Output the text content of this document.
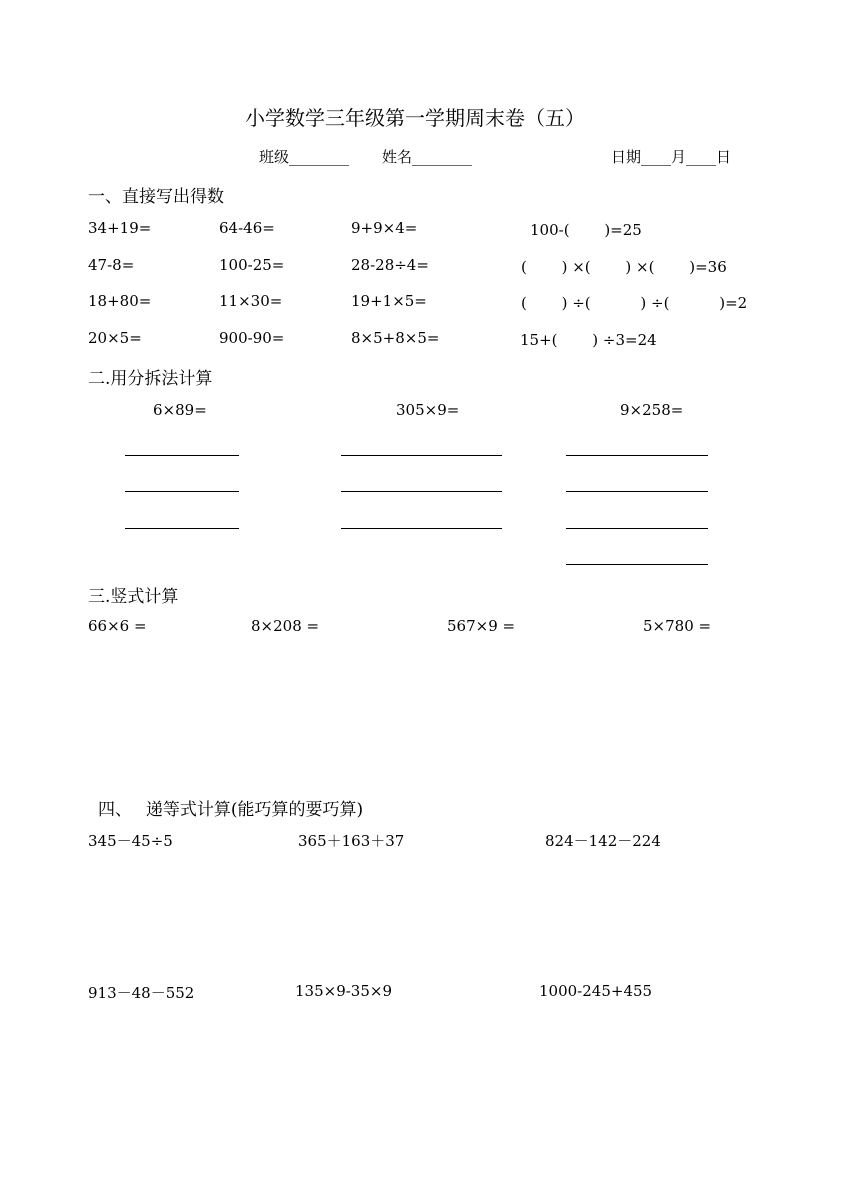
小学数学三年级第一学期周末卷（五）
班级________ 姓名________	日期____月____日
一、直接写出得数
34+19=	64-46=	9+9×4=	100-(　 　)=25
47-8=	100-25=	28-28÷4=	(　 　) ×(　 　) ×(　 　)=36
18+80=	11×30=	19+1×5=	(　 　) ÷(　 　　) ÷(　 　　)=2
20×5=	900-90=	8×5+8×5=	15+(　 　) ÷3=24
二.用分拆法计算
6×89=	305×9=	9×258=
三.竖式计算
66×6 =	8×208 =	567×9 =	5×780 =
四、　 递等式计算(能巧算的要巧算)
345－45÷5	365＋163＋37	824－142－224
913－48－552	135×9-35×9	1000-245+455
